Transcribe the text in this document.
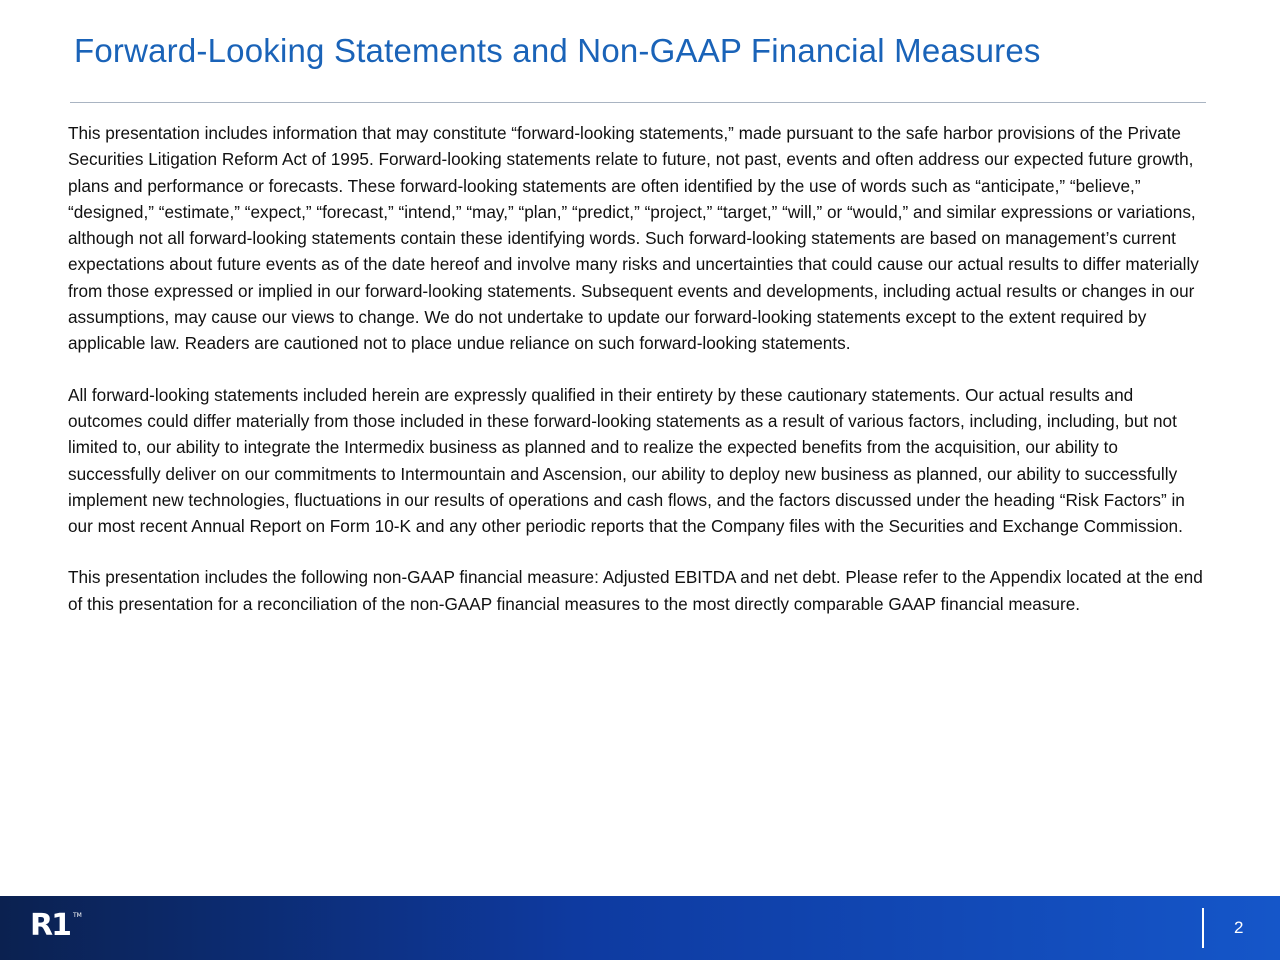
Forward-Looking Statements and Non-GAAP Financial Measures

This presentation includes information that may constitute “forward-looking statements,” made pursuant to the safe harbor provisions of the Private Securities Litigation Reform Act of 1995. Forward-looking statements relate to future, not past, events and often address our expected future growth, plans and performance or forecasts. These forward-looking statements are often identified by the use of words such as “anticipate,” “believe,” “designed,” “estimate,” “expect,” “forecast,” “intend,” “may,” “plan,” “predict,” “project,” “target,” “will,” or “would,” and similar expressions or variations, although not all forward-looking statements contain these identifying words. Such forward-looking statements are based on management’s current expectations about future events as of the date hereof and involve many risks and uncertainties that could cause our actual results to differ materially from those expressed or implied in our forward-looking statements. Subsequent events and developments, including actual results or changes in our assumptions, may cause our views to change. We do not undertake to update our forward-looking statements except to the extent required by applicable law. Readers are cautioned not to place undue reliance on such forward-looking statements.

All forward-looking statements included herein are expressly qualified in their entirety by these cautionary statements. Our actual results and outcomes could differ materially from those included in these forward-looking statements as a result of various factors, including, including, but not limited to, our ability to integrate the Intermedix business as planned and to realize the expected benefits from the acquisition, our ability to successfully deliver on our commitments to Intermountain and Ascension, our ability to deploy new business as planned, our ability to successfully implement new technologies, fluctuations in our results of operations and cash flows, and the factors discussed under the heading “Risk Factors” in our most recent Annual Report on Form 10-K and any other periodic reports that the Company files with the Securities and Exchange Commission.

This presentation includes the following non-GAAP financial measure: Adjusted EBITDA and net debt. Please refer to the Appendix located at the end of this presentation for a reconciliation of the non-GAAP financial measures to the most directly comparable GAAP financial measure.

R1 TM
2
